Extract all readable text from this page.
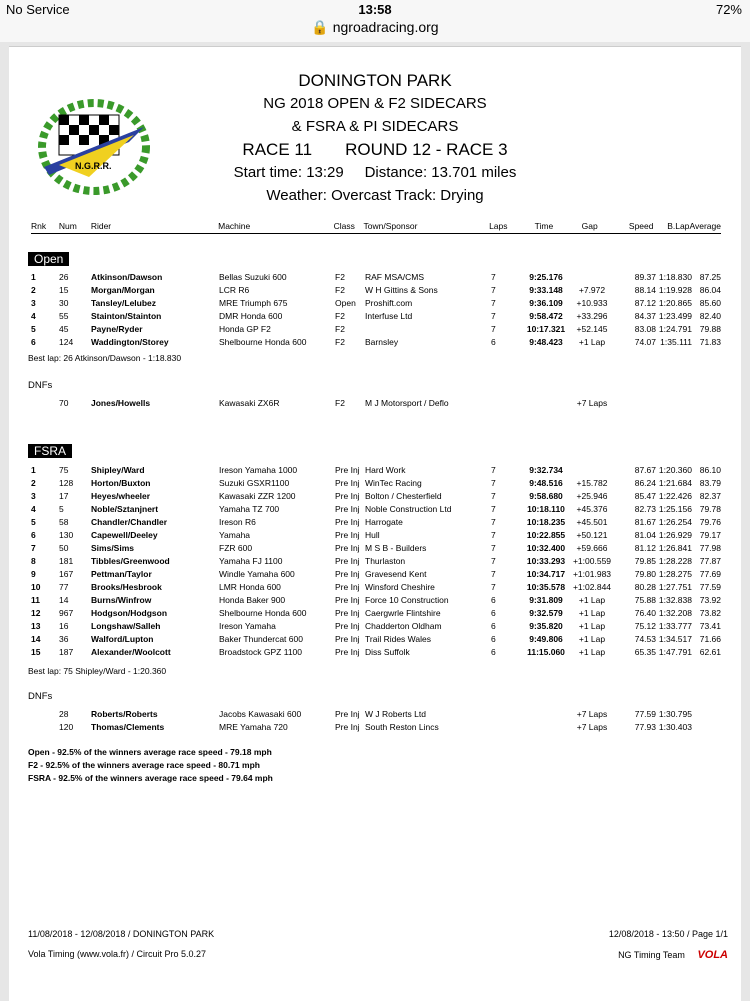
No Service	13:58	72%
🔒 ngroadracing.org
N.G.R.R.
DONINGTON PARK
NG 2018 OPEN & F2 SIDECARS
& FSRA & PI SIDECARS
RACE 11 ROUND 12 - RACE 3
Start time: 13:29 Distance: 13.701 miles
Weather: Overcast Track: Drying
Rnk	Num	Rider	Machine	Class	Town/Sponsor	Laps	Time	Gap	Speed	B.Lap	Average
Open
1	26	Atkinson/Dawson	Bellas Suzuki 600	F2	RAF MSA/CMS	7	9:25.176		89.37	1:18.830	87.25
2	15	Morgan/Morgan	LCR R6	F2	W H Gittins & Sons	7	9:33.148	+7.972	88.14	1:19.928	86.04
3	30	Tansley/Lelubez	MRE Triumph 675	Open	Proshift.com	7	9:36.109	+10.933	87.12	1:20.865	85.60
4	55	Stainton/Stainton	DMR Honda 600	F2	Interfuse Ltd	7	9:58.472	+33.296	84.37	1:23.499	82.40
5	45	Payne/Ryder	Honda GP F2	F2		7	10:17.321	+52.145	83.08	1:24.791	79.88
6	124	Waddington/Storey	Shelbourne Honda 600	F2	Barnsley	6	9:48.423	+1 Lap	74.07	1:35.111	71.83
Best lap: 26 Atkinson/Dawson - 1:18.830
DNFs
	70	Jones/Howells	Kawasaki ZX6R	F2	M J Motorsport / Deflo			+7 Laps			
FSRA
1	75	Shipley/Ward	Ireson Yamaha 1000	Pre Inj	Hard Work	7	9:32.734		87.67	1:20.360	86.10
2	128	Horton/Buxton	Suzuki GSXR1100	Pre Inj	WinTec Racing	7	9:48.516	+15.782	86.24	1:21.684	83.79
3	17	Heyes/wheeler	Kawasaki ZZR 1200	Pre Inj	Bolton / Chesterfield	7	9:58.680	+25.946	85.47	1:22.426	82.37
4	5	Noble/Sztanjnert	Yamaha TZ 700	Pre Inj	Noble Construction Ltd	7	10:18.110	+45.376	82.73	1:25.156	79.78
5	58	Chandler/Chandler	Ireson R6	Pre Inj	Harrogate	7	10:18.235	+45.501	81.67	1:26.254	79.76
6	130	Capewell/Deeley	Yamaha	Pre Inj	Hull	7	10:22.855	+50.121	81.04	1:26.929	79.17
7	50	Sims/Sims	FZR 600	Pre Inj	M S B - Builders	7	10:32.400	+59.666	81.12	1:26.841	77.98
8	181	Tibbles/Greenwood	Yamaha FJ 1100	Pre Inj	Thurlaston	7	10:33.293	+1:00.559	79.85	1:28.228	77.87
9	167	Pettman/Taylor	Windle Yamaha 600	Pre Inj	Gravesend Kent	7	10:34.717	+1:01.983	79.80	1:28.275	77.69
10	77	Brooks/Hesbrook	LMR Honda 600	Pre Inj	Winsford Cheshire	7	10:35.578	+1:02.844	80.28	1:27.751	77.59
11	14	Burns/Winfrow	Honda Baker 900	Pre Inj	Force 10 Construction	6	9:31.809	+1 Lap	75.88	1:32.838	73.92
12	967	Hodgson/Hodgson	Shelbourne Honda 600	Pre Inj	Caergwrle Flintshire	6	9:32.579	+1 Lap	76.40	1:32.208	73.82
13	16	Longshaw/Salleh	Ireson Yamaha	Pre Inj	Chadderton Oldham	6	9:35.820	+1 Lap	75.12	1:33.777	73.41
14	36	Walford/Lupton	Baker Thundercat 600	Pre Inj	Trail Rides Wales	6	9:49.806	+1 Lap	74.53	1:34.517	71.66
15	187	Alexander/Woolcott	Broadstock GPZ 1100	Pre Inj	Diss Suffolk	6	11:15.060	+1 Lap	65.35	1:47.791	62.61
Best lap: 75 Shipley/Ward - 1:20.360
DNFs
	28	Roberts/Roberts	Jacobs Kawasaki 600	Pre Inj	W J Roberts Ltd			+7 Laps	77.59	1:30.795	
	120	Thomas/Clements	MRE Yamaha 720	Pre Inj	South Reston Lincs			+7 Laps	77.93	1:30.403	
Open - 92.5% of the winners average race speed - 79.18 mph
F2 - 92.5% of the winners average race speed - 80.71 mph
FSRA - 92.5% of the winners average race speed - 79.64 mph
11/08/2018 - 12/08/2018 / DONINGTON PARK	12/08/2018 - 13:50 / Page 1/1
Vola Timing (www.vola.fr) / Circuit Pro 5.0.27	NG Timing Team VOLA
